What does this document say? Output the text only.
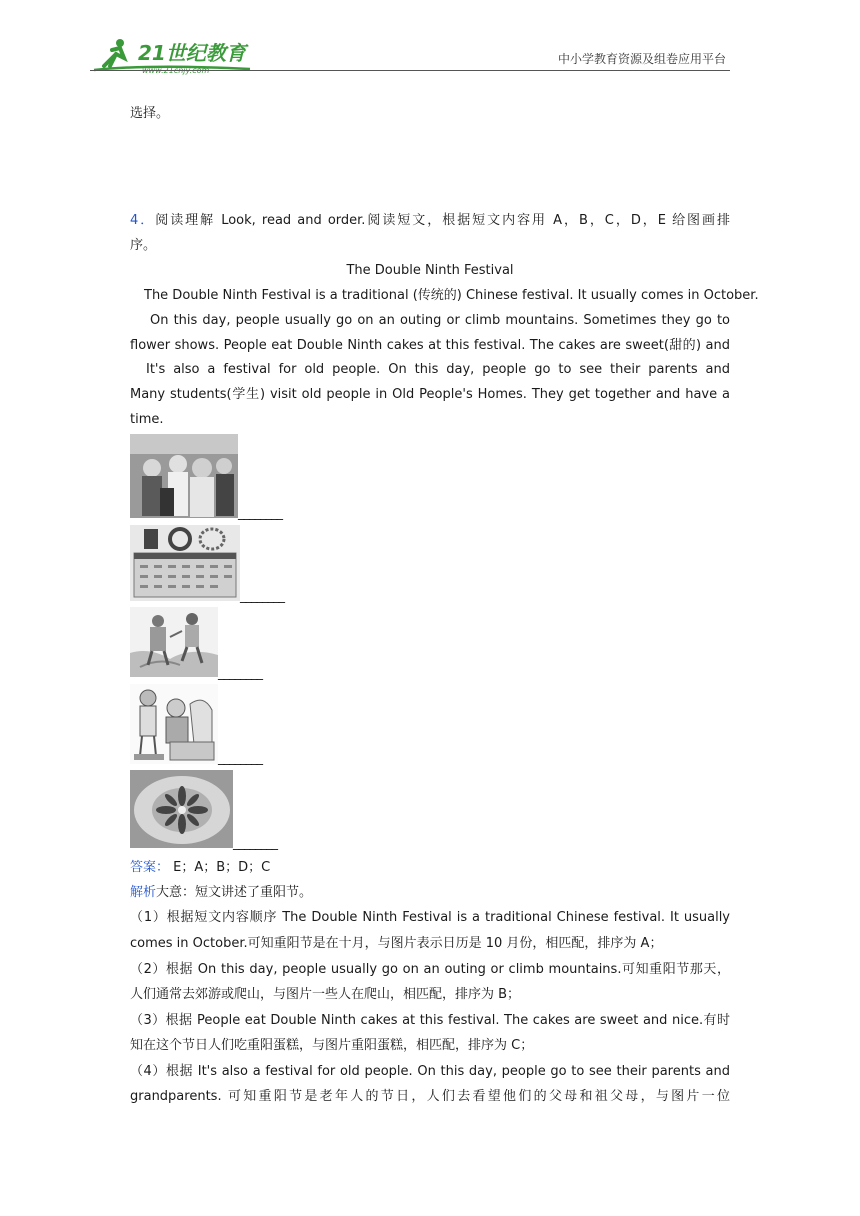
21世纪教育	中小学教育资源及组卷应用平台
选择。
4．阅读理解 Look, read and order.阅读短文，根据短文内容用 A，B，C，D，E 给图画排
序。
The Double Ninth Festival
The Double Ninth Festival is a traditional (传统的) Chinese festival. It usually comes in October.
On this day, people usually go on an outing or climb mountains. Sometimes they go to
flower shows. People eat Double Ninth cakes at this festival. The cakes are sweet(甜的) and
It's also a festival for old people. On this day, people go to see their parents and
Many students(学生) visit old people in Old People's Homes. They get together and have a
time.
________
________
________
________
________
答案： E；A；B；D；C
解析大意：短文讲述了重阳节。
（1）根据短文内容顺序 The Double Ninth Festival is a traditional Chinese festival. It usually
comes in October.可知重阳节是在十月，与图片表示日历是 10 月份，相匹配，排序为 A；
（2）根据 On this day, people usually go on an outing or climb mountains.可知重阳节那天，
人们通常去郊游或爬山，与图片一些人在爬山，相匹配，排序为 B；
（3）根据 People eat Double Ninth cakes at this festival. The cakes are sweet and nice.有时
知在这个节日人们吃重阳蛋糕，与图片重阳蛋糕，相匹配，排序为 C；
（4）根据 It's also a festival for old people. On this day, people go to see their parents and
grandparents. 可知重阳节是老年人的节日，人们去看望他们的父母和祖父母，与图片一位
